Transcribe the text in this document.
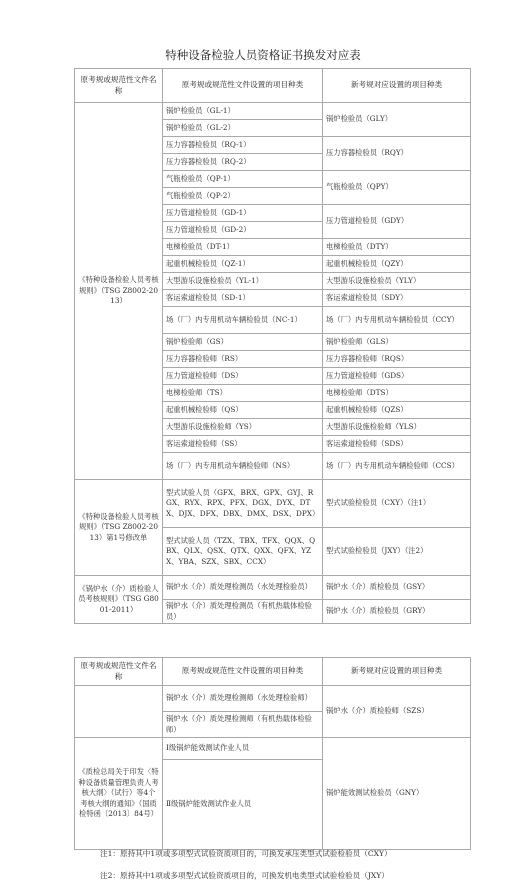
特种设备检验人员资格证书换发对应表
原考规或规范性文件名称	原考规或规范性文件设置的项目种类	新考规对应设置的项目种类
《特种设备检验人员考核规则》（TSG Z8002-2013）	锅炉检验员（GL-1）	锅炉检验员（GLY）
	锅炉检验员（GL-2）	
	压力容器检验员（RQ-1）	压力容器检验员（RQY）
	压力容器检验员（RQ-2）	
	气瓶检验员（QP-1）	气瓶检验员（QPY）
	气瓶检验员（QP-2）	
	压力管道检验员（GD-1）	压力管道检验员（GDY）
	压力管道检验员（GD-2）	
	电梯检验员（DT-1）	电梯检验员（DTY）
	起重机械检验员（QZ-1）	起重机械检验员（QZY）
	大型游乐设施检验员（YL-1）	大型游乐设施检验员（YLY）
	客运索道检验员（SD-1）	客运索道检验员（SDY）
	场（厂）内专用机动车辆检验员（NC-1）	场（厂）内专用机动车辆检验员（CCY）
	锅炉检验师（GS）	锅炉检验师（GLS）
	压力容器检验师（RS）	压力容器检验师（RQS）
	压力管道检验师（DS）	压力管道检验师（GDS）
	电梯检验师（TS）	电梯检验师（DTS）
	起重机械检验师（QS）	起重机械检验师（QZS）
	大型游乐设施检验师（YS）	大型游乐设施检验师（YLS）
	客运索道检验师（SS）	客运索道检验师（SDS）
	场（厂）内专用机动车辆检验师（NS）	场（厂）内专用机动车辆检验师（CCS）
《特种设备检验人员考核规则》（TSG Z8002-2013）第1号修改单	型式试验人员（GFX、BRX、GPX、GYJ、RGX、RYX、RPX、PFX、DGX、DYX、DTX、DJX、DFX、DBX、DMX、DSX、DPX）	型式试验检验员（CXY）（注1）
	型式试验人员（TZX、TBX、TFX、QQX、QBX、QLX、QSX、QTX、QXX、QFX、YZX、YBA、SZX、SBX、CCX）	型式试验检验员（JXY）（注2）
《锅炉水（介）质检验人员考核规则》（TSG G8001-2011）	锅炉水（介）质处理检测员（水处理检验员）	锅炉水（介）质检验员（GSY）
	锅炉水（介）质处理检测员（有机热载体检验员）	锅炉水（介）质检验员（GRY）
原考规或规范性文件名称	原考规或规范性文件设置的项目种类	新考规对应设置的项目种类
	锅炉水（介）质处理检测师（水处理检验师）	锅炉水（介）质检验师（SZS）
	锅炉水（介）质处理检测师（有机热载体检验师）	
《质检总局关于印发〈特种设备质量管理负责人考核大纲〉（试行）等4个考核大纲的通知》（国质检特函〔2013〕84号）	Ⅰ级锅炉能效测试作业人员	锅炉能效测试检验员（GNY）
	Ⅱ级锅炉能效测试作业人员	
注1：原持其中1项或多项型式试验资质项目的，可换发承压类型式试验检验员（CXY）
注2：原持其中1项或多项型式试验资质项目的，可换发机电类型式试验检验员（JXY）
